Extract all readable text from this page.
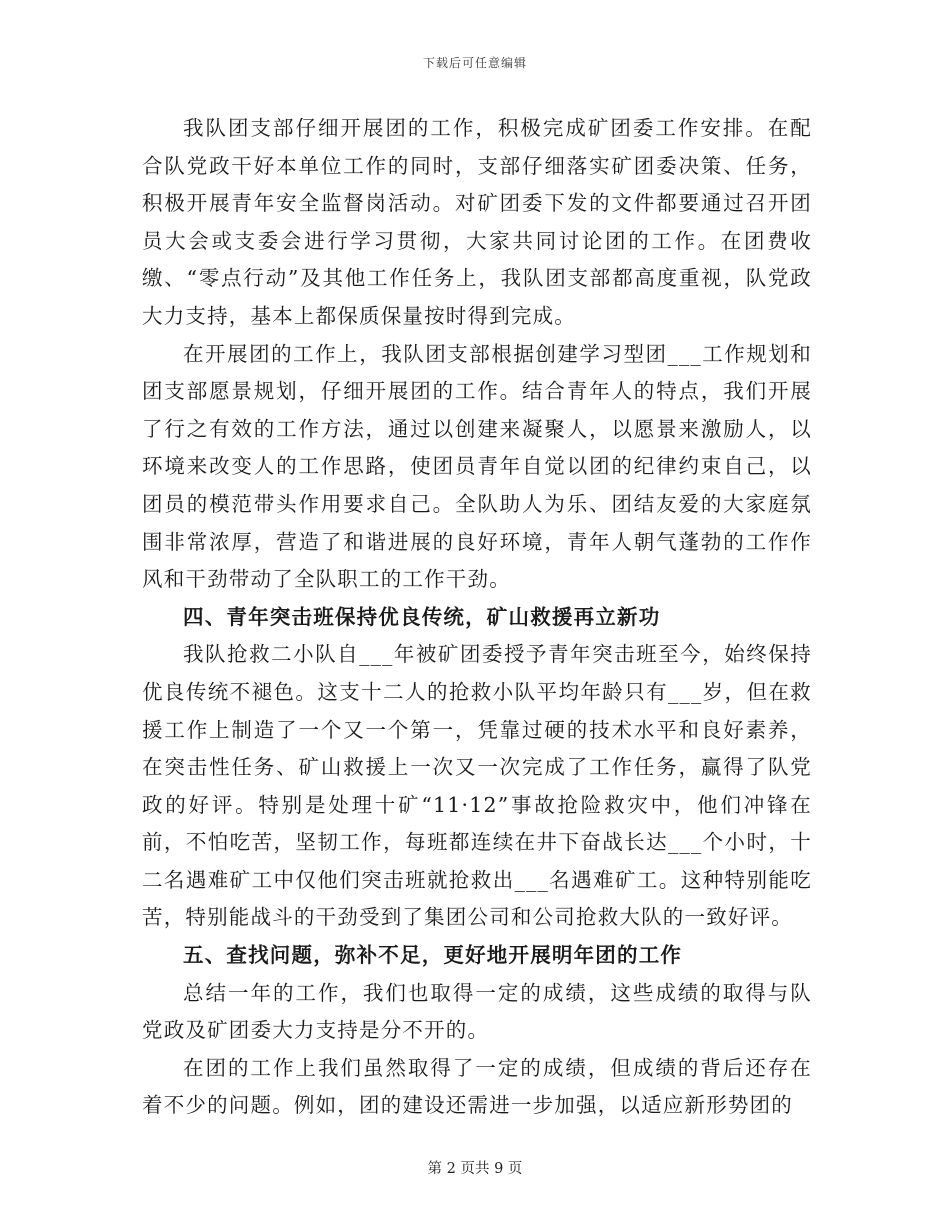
下载后可任意编辑

我队团支部仔细开展团的工作，积极完成矿团委工作安排。在配合队党政干好本单位工作的同时，支部仔细落实矿团委决策、任务，积极开展青年安全监督岗活动。对矿团委下发的文件都要通过召开团员大会或支委会进行学习贯彻，大家共同讨论团的工作。在团费收缴、“零点行动”及其他工作任务上，我队团支部都高度重视，队党政大力支持，基本上都保质保量按时得到完成。

在开展团的工作上，我队团支部根据创建学习型团___工作规划和团支部愿景规划，仔细开展团的工作。结合青年人的特点，我们开展了行之有效的工作方法，通过以创建来凝聚人，以愿景来激励人，以环境来改变人的工作思路，使团员青年自觉以团的纪律约束自己，以团员的模范带头作用要求自己。全队助人为乐、团结友爱的大家庭氛围非常浓厚，营造了和谐进展的良好环境，青年人朝气蓬勃的工作作风和干劲带动了全队职工的工作干劲。

四、青年突击班保持优良传统，矿山救援再立新功

我队抢救二小队自___年被矿团委授予青年突击班至今，始终保持优良传统不褪色。这支十二人的抢救小队平均年龄只有___岁，但在救援工作上制造了一个又一个第一，凭靠过硬的技术水平和良好素养，在突击性任务、矿山救援上一次又一次完成了工作任务，赢得了队党政的好评。特别是处理十矿“11·12”事故抢险救灾中，他们冲锋在前，不怕吃苦，坚韧工作，每班都连续在井下奋战长达___个小时，十二名遇难矿工中仅他们突击班就抢救出___名遇难矿工。这种特别能吃苦，特别能战斗的干劲受到了集团公司和公司抢救大队的一致好评。

五、查找问题，弥补不足，更好地开展明年团的工作

总结一年的工作，我们也取得一定的成绩，这些成绩的取得与队党政及矿团委大力支持是分不开的。

在团的工作上我们虽然取得了一定的成绩，但成绩的背后还存在着不少的问题。例如，团的建设还需进一步加强，以适应新形势团的

第 2 页共 9 页
